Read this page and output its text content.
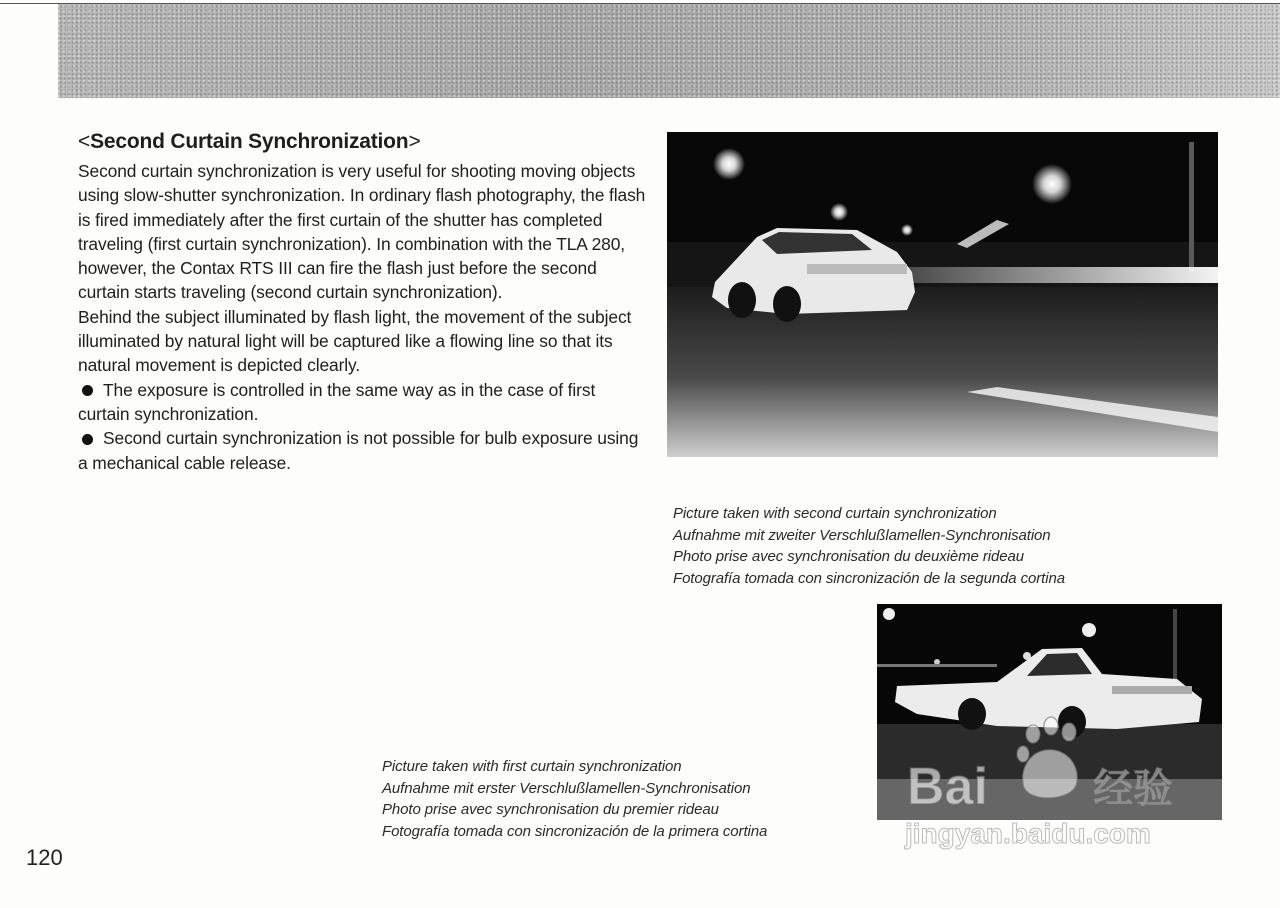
<Second Curtain Synchronization>

Second curtain synchronization is very useful for shooting moving objects using slow-shutter synchronization. In ordinary flash photography, the flash is fired immediately after the first curtain of the shutter has completed traveling (first curtain synchronization). In combination with the TLA 280, however, the Contax RTS III can fire the flash just before the second curtain starts traveling (second curtain synchronization).

Behind the subject illuminated by flash light, the movement of the subject illuminated by natural light will be captured like a flowing line so that its natural movement is depicted clearly.

The exposure is controlled in the same way as in the case of first curtain synchronization.

Second curtain synchronization is not possible for bulb exposure using a mechanical cable release.

Picture taken with second curtain synchronization
Aufnahme mit zweiter Verschlußlamellen-Synchronisation
Photo prise avec synchronisation du deuxième rideau
Fotografía tomada con sincronización de la segunda cortina
Picture taken with first curtain synchronization
Aufnahme mit erster Verschlußlamellen-Synchronisation
Photo prise avec synchronisation du premier rideau
Fotografía tomada con sincronización de la primera cortina
Bai	经验
jingyan.baidu.com
120
